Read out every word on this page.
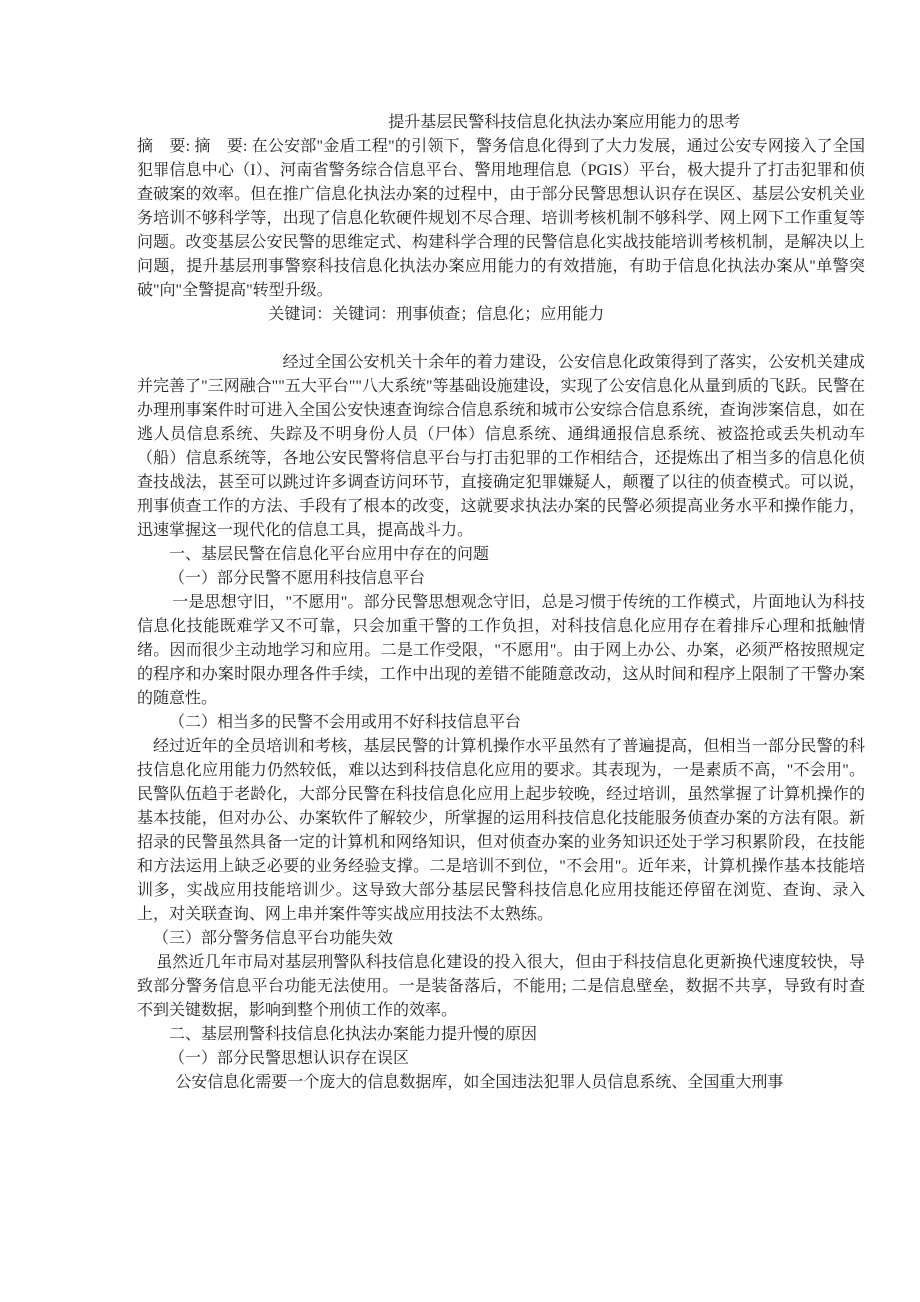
提升基层民警科技信息化执法办案应用能力的思考

摘　要: 摘　要: 在公安部"金盾工程"的引领下，警务信息化得到了大力发展，通过公安专网接入了全国犯罪信息中心（I）、河南省警务综合信息平台、警用地理信息（PGIS）平台，极大提升了打击犯罪和侦查破案的效率。但在推广信息化执法办案的过程中，由于部分民警思想认识存在误区、基层公安机关业务培训不够科学等，出现了信息化软硬件规划不尽合理、培训考核机制不够科学、网上网下工作重复等问题。改变基层公安民警的思维定式、构建科学合理的民警信息化实战技能培训考核机制，是解决以上问题，提升基层刑事警察科技信息化执法办案应用能力的有效措施，有助于信息化执法办案从"单警突破"向"全警提高"转型升级。

关键词：关键词：刑事侦查；信息化；应用能力

经过全国公安机关十余年的着力建设，公安信息化政策得到了落实，公安机关建成并完善了"三网融合""五大平台""八大系统"等基础设施建设，实现了公安信息化从量到质的飞跃。民警在办理刑事案件时可进入全国公安快速查询综合信息系统和城市公安综合信息系统，查询涉案信息，如在逃人员信息系统、失踪及不明身份人员（尸体）信息系统、通缉通报信息系统、被盗抢或丢失机动车（船）信息系统等，各地公安民警将信息平台与打击犯罪的工作相结合，还提炼出了相当多的信息化侦查技战法，甚至可以跳过许多调查访问环节，直接确定犯罪嫌疑人，颠覆了以往的侦查模式。可以说，刑事侦查工作的方法、手段有了根本的改变，这就要求执法办案的民警必须提高业务水平和操作能力，迅速掌握这一现代化的信息工具，提高战斗力。

一、基层民警在信息化平台应用中存在的问题

（一）部分民警不愿用科技信息平台

一是思想守旧，"不愿用"。部分民警思想观念守旧，总是习惯于传统的工作模式，片面地认为科技信息化技能既难学又不可靠，只会加重干警的工作负担，对科技信息化应用存在着排斥心理和抵触情绪。因而很少主动地学习和应用。二是工作受限，"不愿用"。由于网上办公、办案，必须严格按照规定的程序和办案时限办理各件手续，工作中出现的差错不能随意改动，这从时间和程序上限制了干警办案的随意性。

（二）相当多的民警不会用或用不好科技信息平台

经过近年的全员培训和考核，基层民警的计算机操作水平虽然有了普遍提高，但相当一部分民警的科技信息化应用能力仍然较低，难以达到科技信息化应用的要求。其表现为，一是素质不高，"不会用"。民警队伍趋于老龄化，大部分民警在科技信息化应用上起步较晚，经过培训，虽然掌握了计算机操作的基本技能，但对办公、办案软件了解较少，所掌握的运用科技信息化技能服务侦查办案的方法有限。新招录的民警虽然具备一定的计算机和网络知识，但对侦查办案的业务知识还处于学习积累阶段，在技能和方法运用上缺乏必要的业务经验支撑。二是培训不到位，"不会用"。近年来，计算机操作基本技能培训多，实战应用技能培训少。这导致大部分基层民警科技信息化应用技能还停留在浏览、查询、录入上，对关联查询、网上串并案件等实战应用技法不太熟练。

（三）部分警务信息平台功能失效

虽然近几年市局对基层刑警队科技信息化建设的投入很大，但由于科技信息化更新换代速度较快，导致部分警务信息平台功能无法使用。一是装备落后，不能用; 二是信息壁垒，数据不共享，导致有时查不到关键数据，影响到整个刑侦工作的效率。

二、基层刑警科技信息化执法办案能力提升慢的原因

（一）部分民警思想认识存在误区

公安信息化需要一个庞大的信息数据库，如全国违法犯罪人员信息系统、全国重大刑事
